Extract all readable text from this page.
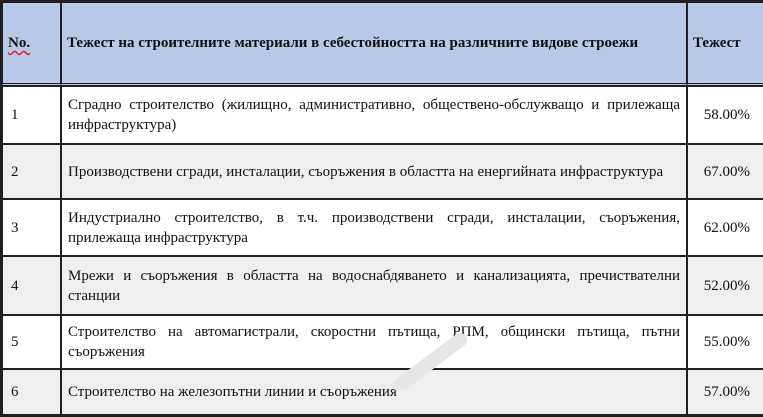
No.	Тежест на строителните материали в себестойността на различните видове строежи	Тежест
1	Сградно строителство (жилищно, административно, обществено-обслужващо и прилежаща инфраструктура)	58.00%
2	Производствени сгради, инсталации, съоръжения в областта на енергийната инфраструктура	67.00%
3	Индустриално строителство, в т.ч. производствени сгради, инсталации, съоръжения, прилежаща инфраструктура	62.00%
4	Мрежи и съоръжения в областта на водоснабдяването и канализацията, пречиствателни станции	52.00%
5	Строителство на автомагистрали, скоростни пътища, РПМ, общински пътища, пътни съоръжения	55.00%
6	Строителство на железопътни линии и съоръжения	57.00%
